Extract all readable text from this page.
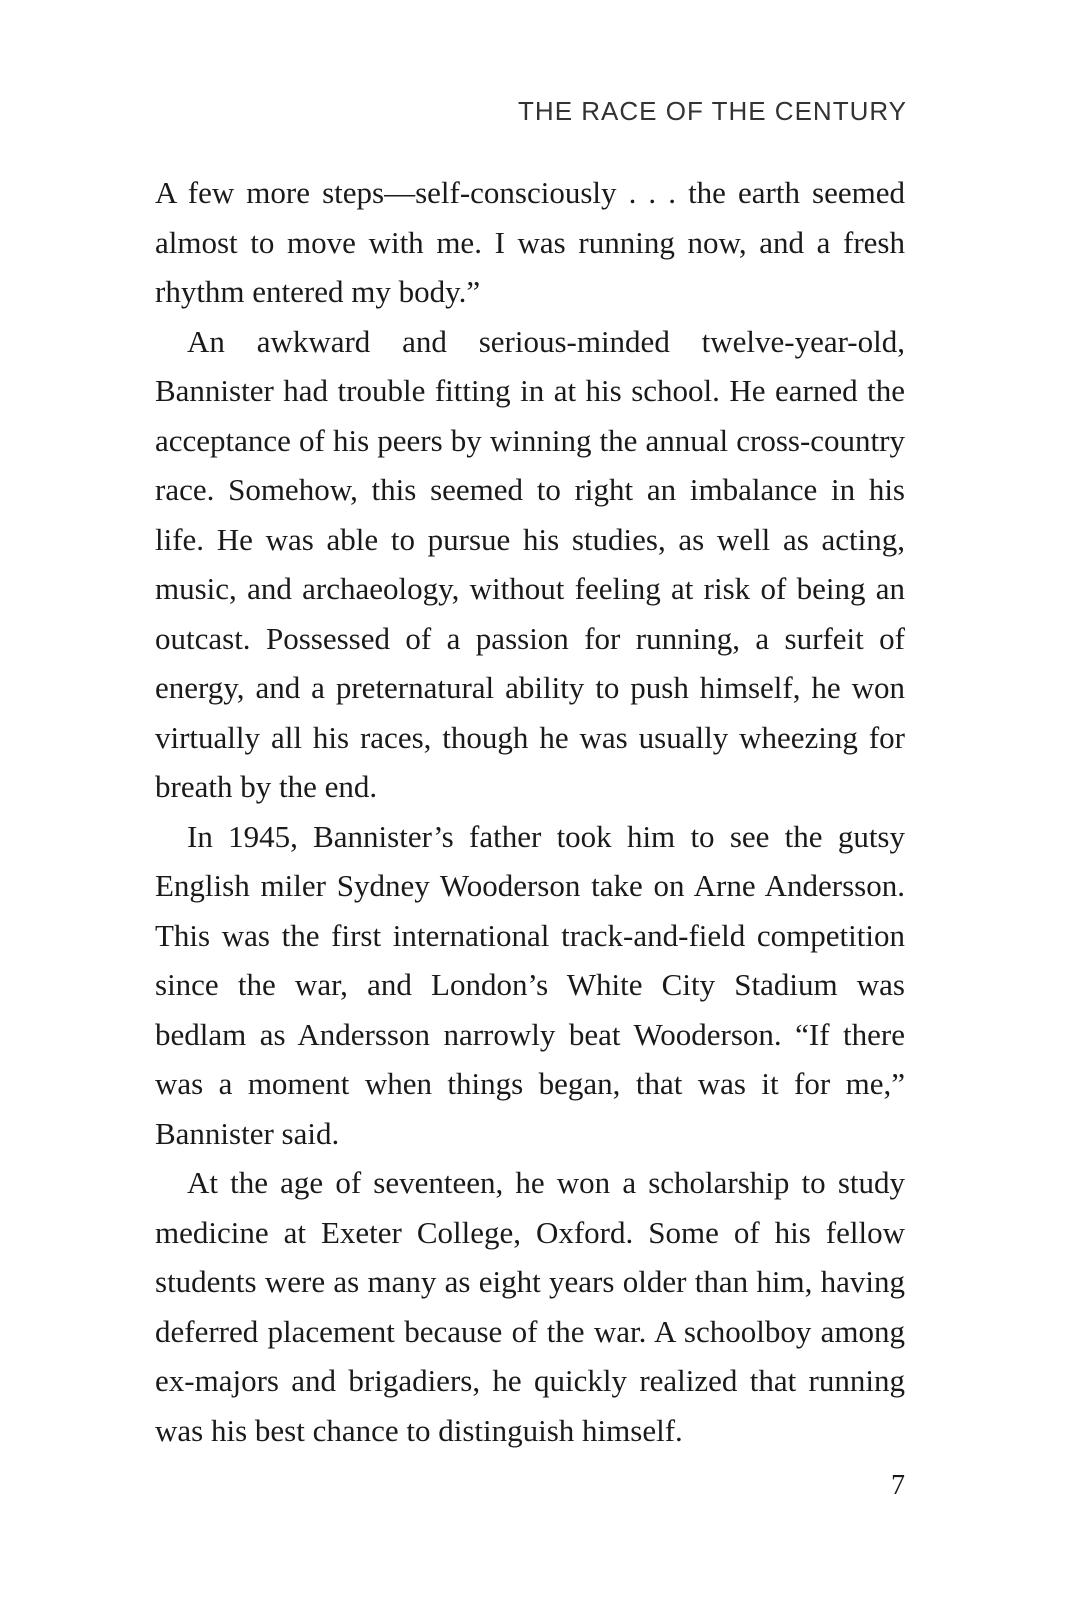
THE RACE OF THE CENTURY

A few more steps—self-consciously . . . the earth seemed almost to move with me. I was running now, and a fresh rhythm entered my body.”

An awkward and serious-minded twelve-year-old, Bannister had trouble fitting in at his school. He earned the acceptance of his peers by winning the annual cross-country race. Somehow, this seemed to right an imbalance in his life. He was able to pursue his studies, as well as acting, music, and archaeology, without feeling at risk of being an outcast. Possessed of a passion for running, a surfeit of energy, and a preternatural ability to push himself, he won virtually all his races, though he was usually wheezing for breath by the end.

In 1945, Bannister’s father took him to see the gutsy English miler Sydney Wooderson take on Arne Andersson. This was the first international track-and-field competition since the war, and London’s White City Stadium was bedlam as Andersson narrowly beat Wooderson. “If there was a moment when things began, that was it for me,” Bannister said.

At the age of seventeen, he won a scholarship to study medicine at Exeter College, Oxford. Some of his fellow students were as many as eight years older than him, having deferred placement because of the war. A schoolboy among ex-majors and brigadiers, he quickly realized that running was his best chance to distinguish himself.

7
